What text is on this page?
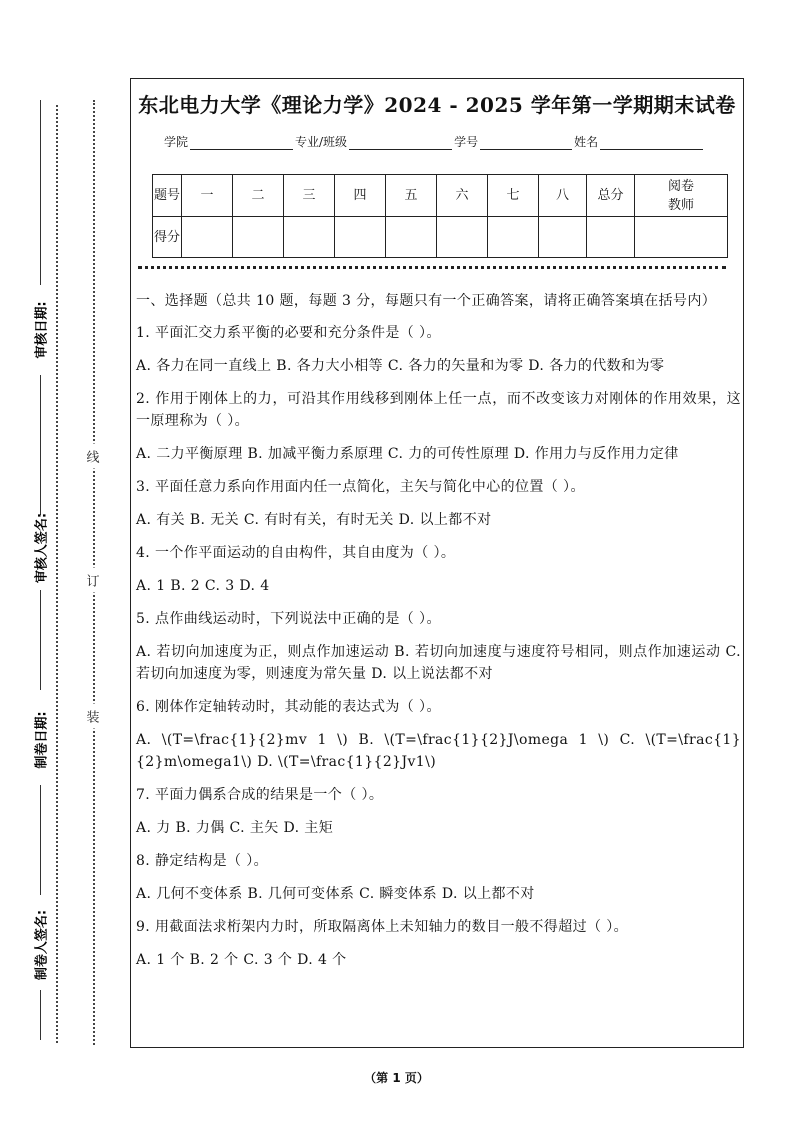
审核日期:
审核人签名:
制卷日期:
制卷人签名:
线
订
装
东北电力大学《理论力学》2024 - 2025 学年第一学期期末试卷
学院	专业/班级	学号	姓名
题号	一	二	三	四	五	六	七	八	总分	阅卷教师
得分										

一、选择题（总共 10 题，每题 3 分，每题只有一个正确答案，请将正确答案填在括号内）

1. 平面汇交力系平衡的必要和充分条件是（ ）。

A. 各力在同一直线上 B. 各力大小相等 C. 各力的矢量和为零 D. 各力的代数和为零

2. 作用于刚体上的力，可沿其作用线移到刚体上任一点，而不改变该力对刚体的作用效果，这一原理称为（ ）。

A. 二力平衡原理 B. 加减平衡力系原理 C. 力的可传性原理 D. 作用力与反作用力定律

3. 平面任意力系向作用面内任一点简化，主矢与简化中心的位置（ ）。

A. 有关 B. 无关 C. 有时有关，有时无关 D. 以上都不对

4. 一个作平面运动的自由构件，其自由度为（ ）。

A. 1 B. 2 C. 3 D. 4

5. 点作曲线运动时，下列说法中正确的是（ ）。

A. 若切向加速度为正，则点作加速运动 B. 若切向加速度与速度符号相同，则点作加速运动 C. 若切向加速度为零，则速度为常矢量 D. 以上说法都不对

6. 刚体作定轴转动时，其动能的表达式为（ ）。

A. \(T=\frac{1}{2}mv 1 \) B. \(T=\frac{1}{2}J\omega 1 \) C. \(T=\frac{1}{2}m\omega1\) D. \(T=\frac{1}{2}Jv1\)

7. 平面力偶系合成的结果是一个（ ）。

A. 力 B. 力偶 C. 主矢 D. 主矩

8. 静定结构是（ ）。

A. 几何不变体系 B. 几何可变体系 C. 瞬变体系 D. 以上都不对

9. 用截面法求桁架内力时，所取隔离体上未知轴力的数目一般不得超过（ ）。

A. 1 个 B. 2 个 C. 3 个 D. 4 个

（第 1 页）
